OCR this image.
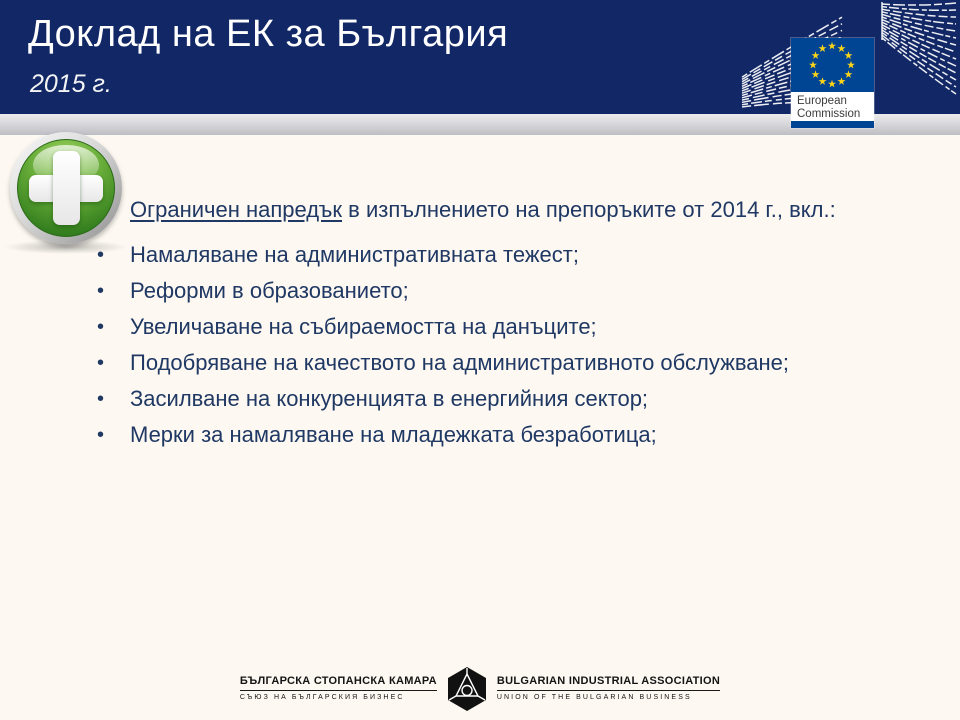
Доклад на ЕК за България
2015 г.
European
Commission
Ограничен напредък в изпълнението на препоръките от 2014 г., вкл.:
• Намаляване на административната тежест;
• Реформи в образованието;
• Увеличаване на събираемостта на данъците;
• Подобряване на качеството на административното обслужване;
• Засилване на конкуренцията в енергийния сектор;
• Мерки за намаляване на младежката безработица;
БЪЛГАРСКА СТОПАНСКА КАМАРА
СЪЮЗ НА БЪЛГАРСКИЯ БИЗНЕС
BULGARIAN INDUSTRIAL ASSOCIATION
UNION OF THE BULGARIAN BUSINESS
